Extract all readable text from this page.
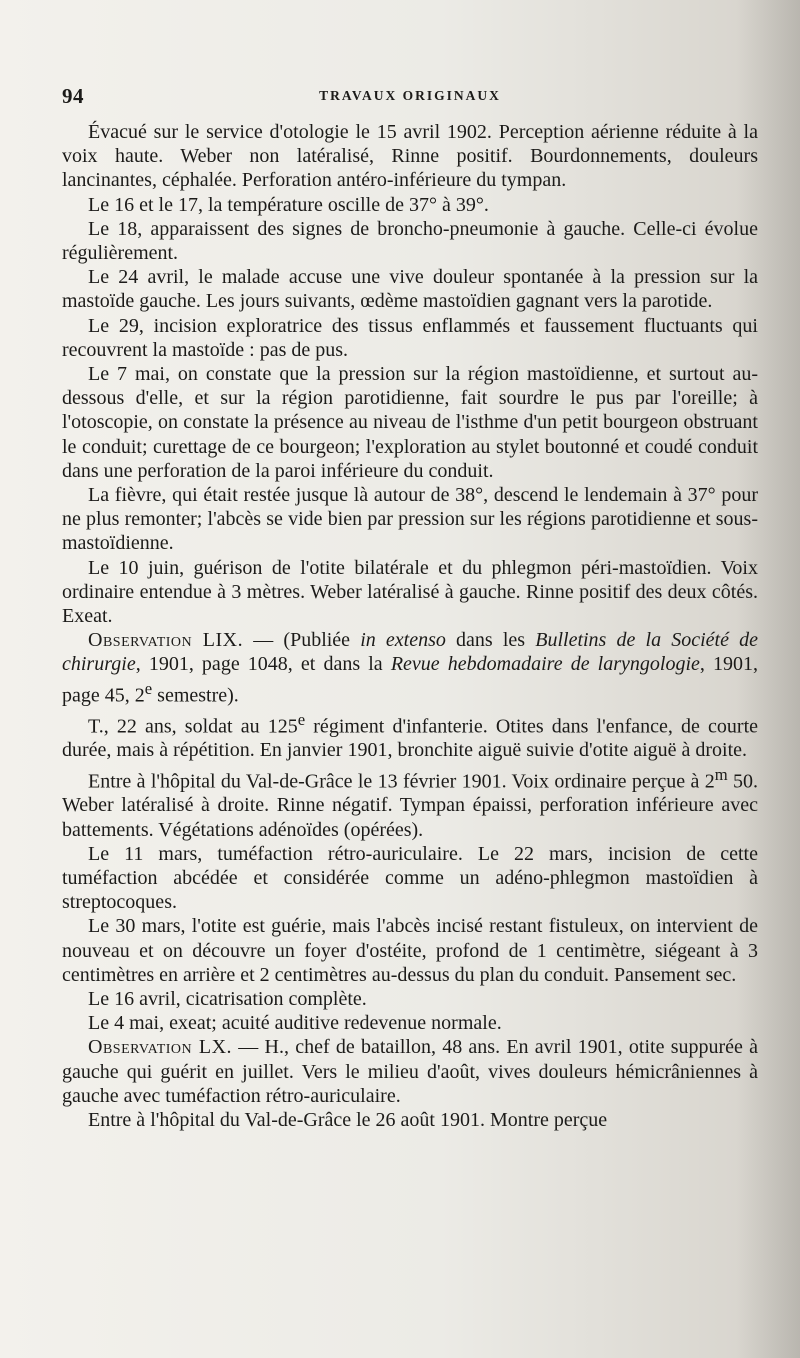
94	TRAVAUX ORIGINAUX

Évacué sur le service d'otologie le 15 avril 1902. Perception aérienne réduite à la voix haute. Weber non latéralisé, Rinne positif. Bourdonnements, douleurs lancinantes, céphalée. Perforation antéro-inférieure du tympan.

Le 16 et le 17, la température oscille de 37° à 39°.

Le 18, apparaissent des signes de broncho-pneumonie à gauche. Celle-ci évolue régulièrement.

Le 24 avril, le malade accuse une vive douleur spontanée à la pression sur la mastoïde gauche. Les jours suivants, œdème mastoïdien gagnant vers la parotide.

Le 29, incision exploratrice des tissus enflammés et faussement fluctuants qui recouvrent la mastoïde : pas de pus.

Le 7 mai, on constate que la pression sur la région mastoïdienne, et surtout au-dessous d'elle, et sur la région parotidienne, fait sourdre le pus par l'oreille; à l'otoscopie, on constate la présence au niveau de l'isthme d'un petit bourgeon obstruant le conduit; curettage de ce bourgeon; l'exploration au stylet boutonné et coudé conduit dans une perforation de la paroi inférieure du conduit.

La fièvre, qui était restée jusque là autour de 38°, descend le lendemain à 37° pour ne plus remonter; l'abcès se vide bien par pression sur les régions parotidienne et sous-mastoïdienne.

Le 10 juin, guérison de l'otite bilatérale et du phlegmon péri-mastoïdien. Voix ordinaire entendue à 3 mètres. Weber latéralisé à gauche. Rinne positif des deux côtés. Exeat.

Observation LIX. — (Publiée in extenso dans les Bulletins de la Société de chirurgie, 1901, page 1048, et dans la Revue hebdomadaire de laryngologie, 1901, page 45, 2e semestre).

T., 22 ans, soldat au 125e régiment d'infanterie. Otites dans l'enfance, de courte durée, mais à répétition. En janvier 1901, bronchite aiguë suivie d'otite aiguë à droite.

Entre à l'hôpital du Val-de-Grâce le 13 février 1901. Voix ordinaire perçue à 2$^m$ 50. Weber latéralisé à droite. Rinne négatif. Tympan épaissi, perforation inférieure avec battements. Végétations adénoïdes (opérées).

Le 11 mars, tuméfaction rétro-auriculaire. Le 22 mars, incision de cette tuméfaction abcédée et considérée comme un adéno-phlegmon mastoïdien à streptocoques.

Le 30 mars, l'otite est guérie, mais l'abcès incisé restant fistuleux, on intervient de nouveau et on découvre un foyer d'ostéite, profond de 1 centimètre, siégeant à 3 centimètres en arrière et 2 centimètres au-dessus du plan du conduit. Pansement sec.

Le 16 avril, cicatrisation complète.

Le 4 mai, exeat; acuité auditive redevenue normale.

Observation LX. — H., chef de bataillon, 48 ans. En avril 1901, otite suppurée à gauche qui guérit en juillet. Vers le milieu d'août, vives douleurs hémicrâniennes à gauche avec tuméfaction rétro-auriculaire.

Entre à l'hôpital du Val-de-Grâce le 26 août 1901. Montre perçue
